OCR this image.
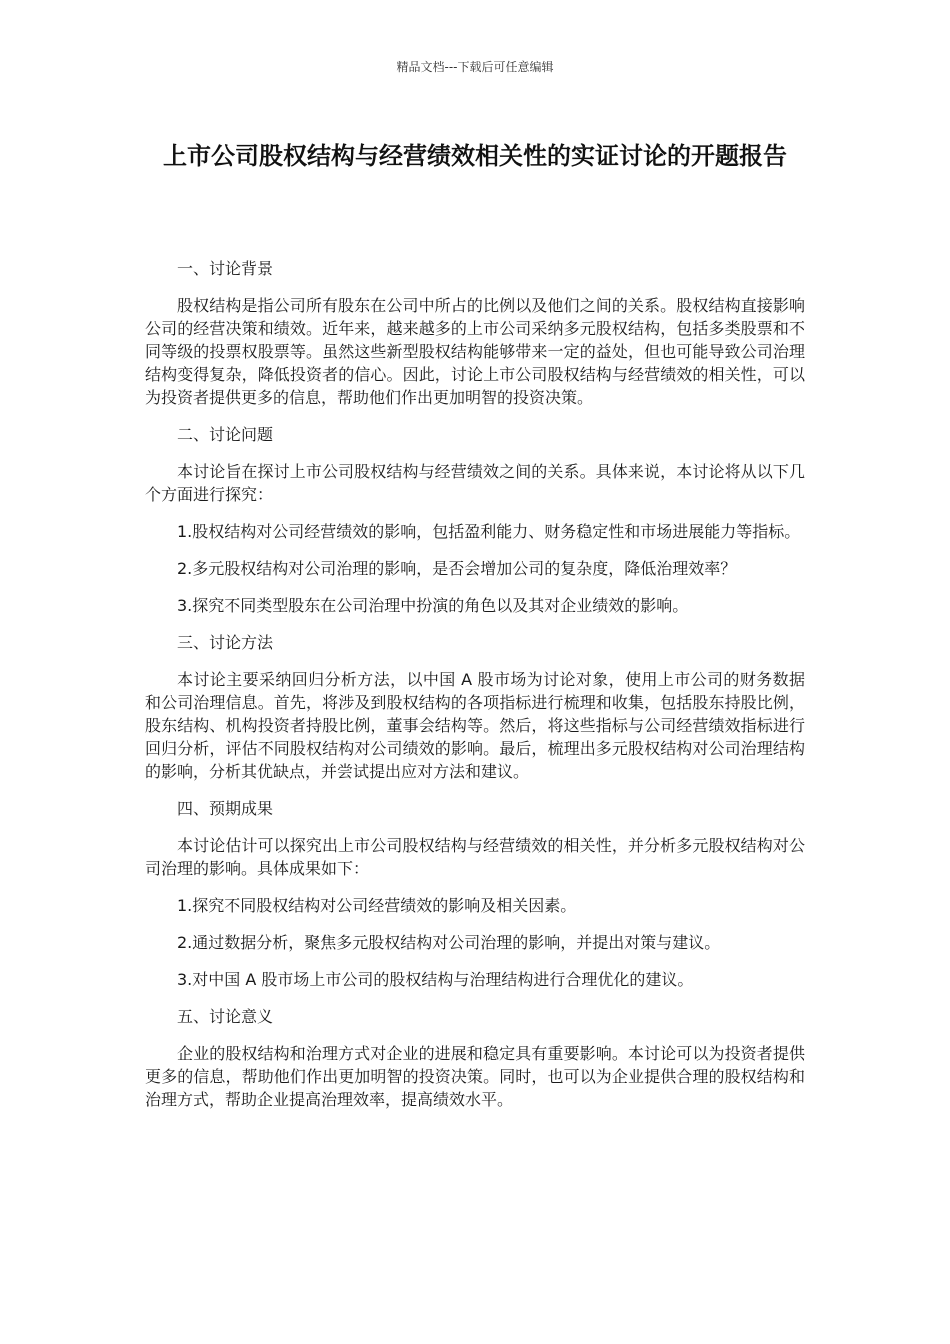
精品文档---下载后可任意编辑
上市公司股权结构与经营绩效相关性的实证讨论的开题报告
一、讨论背景

股权结构是指公司所有股东在公司中所占的比例以及他们之间的关系。股权结构直接影响公司的经营决策和绩效。近年来，越来越多的上市公司采纳多元股权结构，包括多类股票和不同等级的投票权股票等。虽然这些新型股权结构能够带来一定的益处，但也可能导致公司治理结构变得复杂，降低投资者的信心。因此，讨论上市公司股权结构与经营绩效的相关性，可以为投资者提供更多的信息，帮助他们作出更加明智的投资决策。

二、讨论问题

本讨论旨在探讨上市公司股权结构与经营绩效之间的关系。具体来说，本讨论将从以下几个方面进行探究：

1.股权结构对公司经营绩效的影响，包括盈利能力、财务稳定性和市场进展能力等指标。

2.多元股权结构对公司治理的影响，是否会增加公司的复杂度，降低治理效率？

3.探究不同类型股东在公司治理中扮演的角色以及其对企业绩效的影响。

三、讨论方法

本讨论主要采纳回归分析方法，以中国 A 股市场为讨论对象，使用上市公司的财务数据和公司治理信息。首先，将涉及到股权结构的各项指标进行梳理和收集，包括股东持股比例，股东结构、机构投资者持股比例，董事会结构等。然后，将这些指标与公司经营绩效指标进行回归分析，评估不同股权结构对公司绩效的影响。最后，梳理出多元股权结构对公司治理结构的影响，分析其优缺点，并尝试提出应对方法和建议。

四、预期成果

本讨论估计可以探究出上市公司股权结构与经营绩效的相关性，并分析多元股权结构对公司治理的影响。具体成果如下：

1.探究不同股权结构对公司经营绩效的影响及相关因素。

2.通过数据分析，聚焦多元股权结构对公司治理的影响，并提出对策与建议。

3.对中国 A 股市场上市公司的股权结构与治理结构进行合理优化的建议。

五、讨论意义

企业的股权结构和治理方式对企业的进展和稳定具有重要影响。本讨论可以为投资者提供更多的信息，帮助他们作出更加明智的投资决策。同时，也可以为企业提供合理的股权结构和治理方式，帮助企业提高治理效率，提高绩效水平。
